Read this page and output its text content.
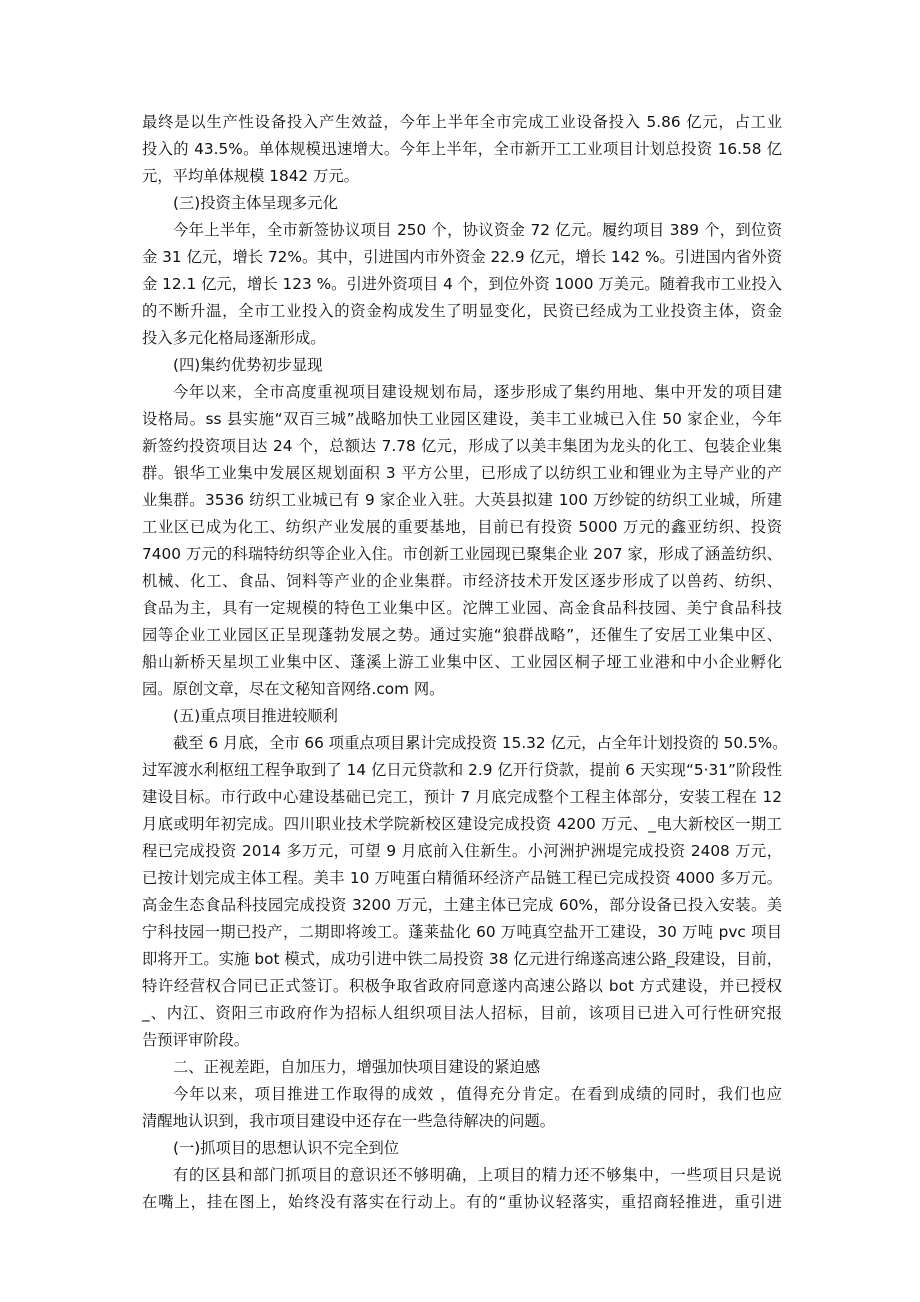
最终是以生产性设备投入产生效益，今年上半年全市完成工业设备投入 5.86 亿元，占工业
投入的 43.5%。单体规模迅速增大。今年上半年，全市新开工工业项目计划总投资 16.58 亿
元，平均单体规模 1842 万元。
(三)投资主体呈现多元化
今年上半年，全市新签协议项目 250 个，协议资金 72 亿元。履约项目 389 个，到位资
金 31 亿元，增长 72%。其中，引进国内市外资金 22.9 亿元，增长 142 %。引进国内省外资
金 12.1 亿元，增长 123 %。引进外资项目 4 个，到位外资 1000 万美元。随着我市工业投入
的不断升温，全市工业投入的资金构成发生了明显变化，民资已经成为工业投资主体，资金
投入多元化格局逐渐形成。
(四)集约优势初步显现
今年以来，全市高度重视项目建设规划布局，逐步形成了集约用地、集中开发的项目建
设格局。ss 县实施“双百三城”战略加快工业园区建设，美丰工业城已入住 50 家企业，今年
新签约投资项目达 24 个，总额达 7.78 亿元，形成了以美丰集团为龙头的化工、包装企业集
群。银华工业集中发展区规划面积 3 平方公里，已形成了以纺织工业和锂业为主导产业的产
业集群。3536 纺织工业城已有 9 家企业入驻。大英县拟建 100 万纱锭的纺织工业城，所建
工业区已成为化工、纺织产业发展的重要基地，目前已有投资 5000 万元的鑫亚纺织、投资
7400 万元的科瑞特纺织等企业入住。市创新工业园现已聚集企业 207 家，形成了涵盖纺织、
机械、化工、食品、饲料等产业的企业集群。市经济技术开发区逐步形成了以兽药、纺织、
食品为主，具有一定规模的特色工业集中区。沱牌工业园、高金食品科技园、美宁食品科技
园等企业工业园区正呈现蓬勃发展之势。通过实施“狼群战略”，还催生了安居工业集中区、
船山新桥天星坝工业集中区、蓬溪上游工业集中区、工业园区桐子垭工业港和中小企业孵化
园。原创文章，尽在文秘知音网络.com 网。
(五)重点项目推进较顺利
截至 6 月底，全市 66 项重点项目累计完成投资 15.32 亿元，占全年计划投资的 50.5%。
过军渡水利枢纽工程争取到了 14 亿日元贷款和 2.9 亿开行贷款，提前 6 天实现“5·31”阶段性
建设目标。市行政中心建设基础已完工，预计 7 月底完成整个工程主体部分，安装工程在 12
月底或明年初完成。四川职业技术学院新校区建设完成投资 4200 万元、_电大新校区一期工
程已完成投资 2014 多万元，可望 9 月底前入住新生。小河洲护洲堤完成投资 2408 万元，
已按计划完成主体工程。美丰 10 万吨蛋白精循环经济产品链工程已完成投资 4000 多万元。
高金生态食品科技园完成投资 3200 万元，土建主体已完成 60%，部分设备已投入安装。美
宁科技园一期已投产，二期即将竣工。蓬莱盐化 60 万吨真空盐开工建设，30 万吨 pvc 项目
即将开工。实施 bot 模式，成功引进中铁二局投资 38 亿元进行绵遂高速公路_段建设，目前，
特许经营权合同已正式签订。积极争取省政府同意遂内高速公路以 bot 方式建设，并已授权
_、内江、资阳三市政府作为招标人组织项目法人招标，目前，该项目已进入可行性研究报
告预评审阶段。
二、正视差距，自加压力，增强加快项目建设的紧迫感
今年以来，项目推进工作取得的成效 ，值得充分肯定。在看到成绩的同时，我们也应
清醒地认识到，我市项目建设中还存在一些急待解决的问题。
(一)抓项目的思想认识不完全到位
有的区县和部门抓项目的意识还不够明确，上项目的精力还不够集中，一些项目只是说
在嘴上，挂在图上，始终没有落实在行动上。有的“重协议轻落实，重招商轻推进，重引进
